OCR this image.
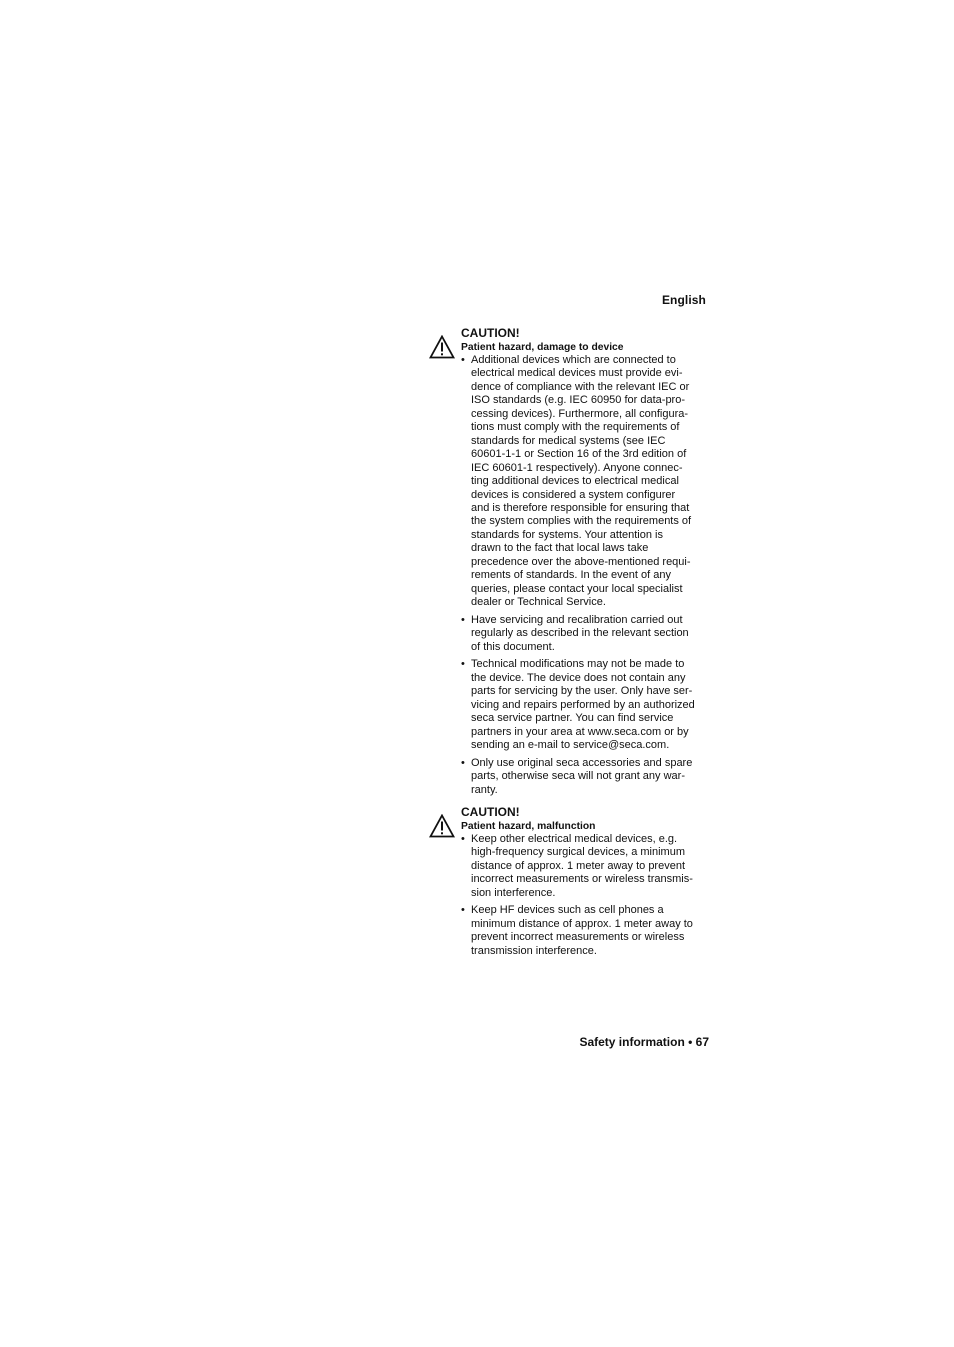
English

CAUTION!

Patient hazard, damage to device

• Additional devices which are connected to
electrical medical devices must provide evi-
dence of compliance with the relevant IEC or
ISO standards (e.g. IEC 60950 for data-pro-
cessing devices). Furthermore, all configura-
tions must comply with the requirements of
standards for medical systems (see IEC
60601-1-1 or Section 16 of the 3rd edition of
IEC 60601-1 respectively). Anyone connec-
ting additional devices to electrical medical
devices is considered a system configurer
and is therefore responsible for ensuring that
the system complies with the requirements of
standards for systems. Your attention is
drawn to the fact that local laws take
precedence over the above-mentioned requi-
rements of standards. In the event of any
queries, please contact your local specialist
dealer or Technical Service.
• Have servicing and recalibration carried out
regularly as described in the relevant section
of this document.
• Technical modifications may not be made to
the device. The device does not contain any
parts for servicing by the user. Only have ser-
vicing and repairs performed by an authorized
seca service partner. You can find service
partners in your area at www.seca.com or by
sending an e-mail to service@seca.com.
• Only use original seca accessories and spare
parts, otherwise seca will not grant any war-
ranty.

CAUTION!

Patient hazard, malfunction

• Keep other electrical medical devices, e.g.
high-frequency surgical devices, a minimum
distance of approx. 1 meter away to prevent
incorrect measurements or wireless transmis-
sion interference.
• Keep HF devices such as cell phones a
minimum distance of approx. 1 meter away to
prevent incorrect measurements or wireless
transmission interference.
Safety information • 67
